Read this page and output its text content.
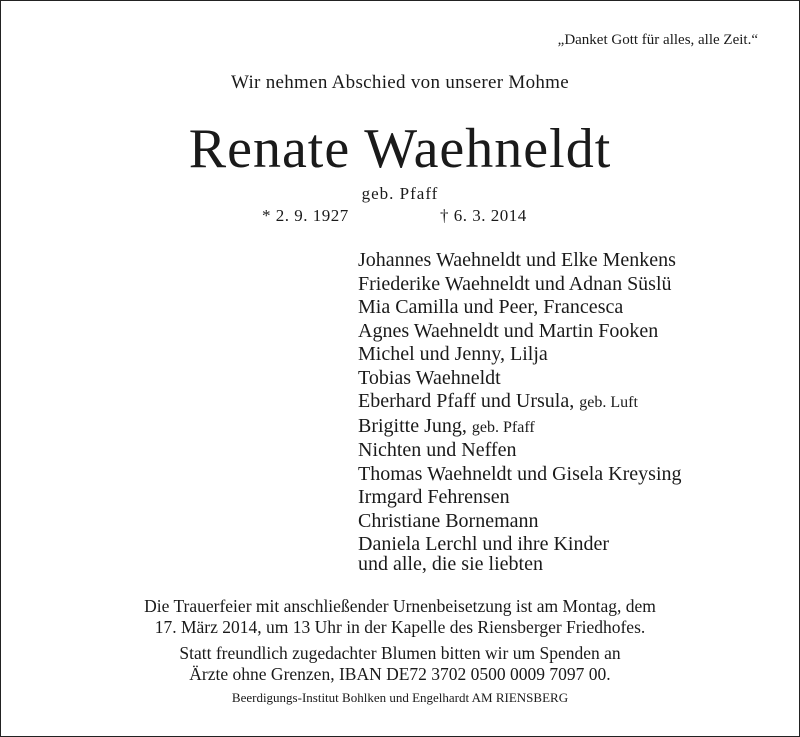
„Danket Gott für alles, alle Zeit.“
Wir nehmen Abschied von unserer Mohme
Renate Waehneldt
geb. Pfaff
* 2. 9. 1927	† 6. 3. 2014
Johannes Waehneldt und Elke Menkens
Friederike Waehneldt und Adnan Süslü
Mia Camilla und Peer, Francesca
Agnes Waehneldt und Martin Fooken
Michel und Jenny, Lilja
Tobias Waehneldt
Eberhard Pfaff und Ursula, geb. Luft
Brigitte Jung, geb. Pfaff
Nichten und Neffen
Thomas Waehneldt und Gisela Kreysing
Irmgard Fehrensen
Christiane Bornemann
Daniela Lerchl und ihre Kinder
und alle, die sie liebten
Die Trauerfeier mit anschließender Urnenbeisetzung ist am Montag, dem
17. März 2014, um 13 Uhr in der Kapelle des Riensberger Friedhofes.
Statt freundlich zugedachter Blumen bitten wir um Spenden an
Ärzte ohne Grenzen, IBAN DE72 3702 0500 0009 7097 00.
Beerdigungs-Institut Bohlken und Engelhardt AM RIENSBERG
